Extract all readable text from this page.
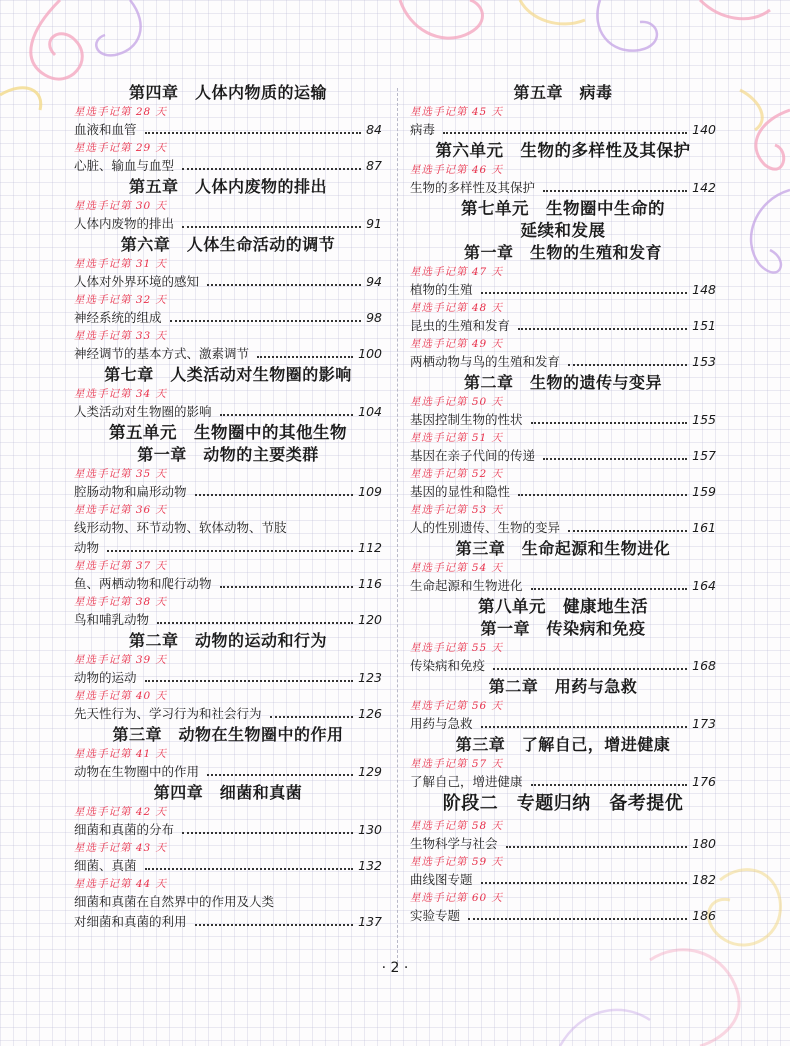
第四章　人体内物质的运输
星选手记第 28 天
血液和血管	84
星选手记第 29 天
心脏、输血与血型	87
第五章　人体内废物的排出
星选手记第 30 天
人体内废物的排出	91
第六章　人体生命活动的调节
星选手记第 31 天
人体对外界环境的感知	94
星选手记第 32 天
神经系统的组成	98
星选手记第 33 天
神经调节的基本方式、激素调节	100
第七章　人类活动对生物圈的影响
星选手记第 34 天
人类活动对生物圈的影响	104
第五单元　生物圈中的其他生物
第一章　动物的主要类群
星选手记第 35 天
腔肠动物和扁形动物	109
星选手记第 36 天
线形动物、环节动物、软体动物、节肢
动物	112
星选手记第 37 天
鱼、两栖动物和爬行动物	116
星选手记第 38 天
鸟和哺乳动物	120
第二章　动物的运动和行为
星选手记第 39 天
动物的运动	123
星选手记第 40 天
先天性行为、学习行为和社会行为	126
第三章　动物在生物圈中的作用
星选手记第 41 天
动物在生物圈中的作用	129
第四章　细菌和真菌
星选手记第 42 天
细菌和真菌的分布	130
星选手记第 43 天
细菌、真菌	132
星选手记第 44 天
细菌和真菌在自然界中的作用及人类
对细菌和真菌的利用	137
第五章　病毒
星选手记第 45 天
病毒	140
第六单元　生物的多样性及其保护
星选手记第 46 天
生物的多样性及其保护	142
第七单元　生物圈中生命的
延续和发展
第一章　生物的生殖和发育
星选手记第 47 天
植物的生殖	148
星选手记第 48 天
昆虫的生殖和发育	151
星选手记第 49 天
两栖动物与鸟的生殖和发育	153
第二章　生物的遗传与变异
星选手记第 50 天
基因控制生物的性状	155
星选手记第 51 天
基因在亲子代间的传递	157
星选手记第 52 天
基因的显性和隐性	159
星选手记第 53 天
人的性别遗传、生物的变异	161
第三章　生命起源和生物进化
星选手记第 54 天
生命起源和生物进化	164
第八单元　健康地生活
第一章　传染病和免疫
星选手记第 55 天
传染病和免疫	168
第二章　用药与急救
星选手记第 56 天
用药与急救	173
第三章　了解自己，增进健康
星选手记第 57 天
了解自己，增进健康	176
阶段二　专题归纳　备考提优
星选手记第 58 天
生物科学与社会	180
星选手记第 59 天
曲线图专题	182
星选手记第 60 天
实验专题	186
· 2 ·
